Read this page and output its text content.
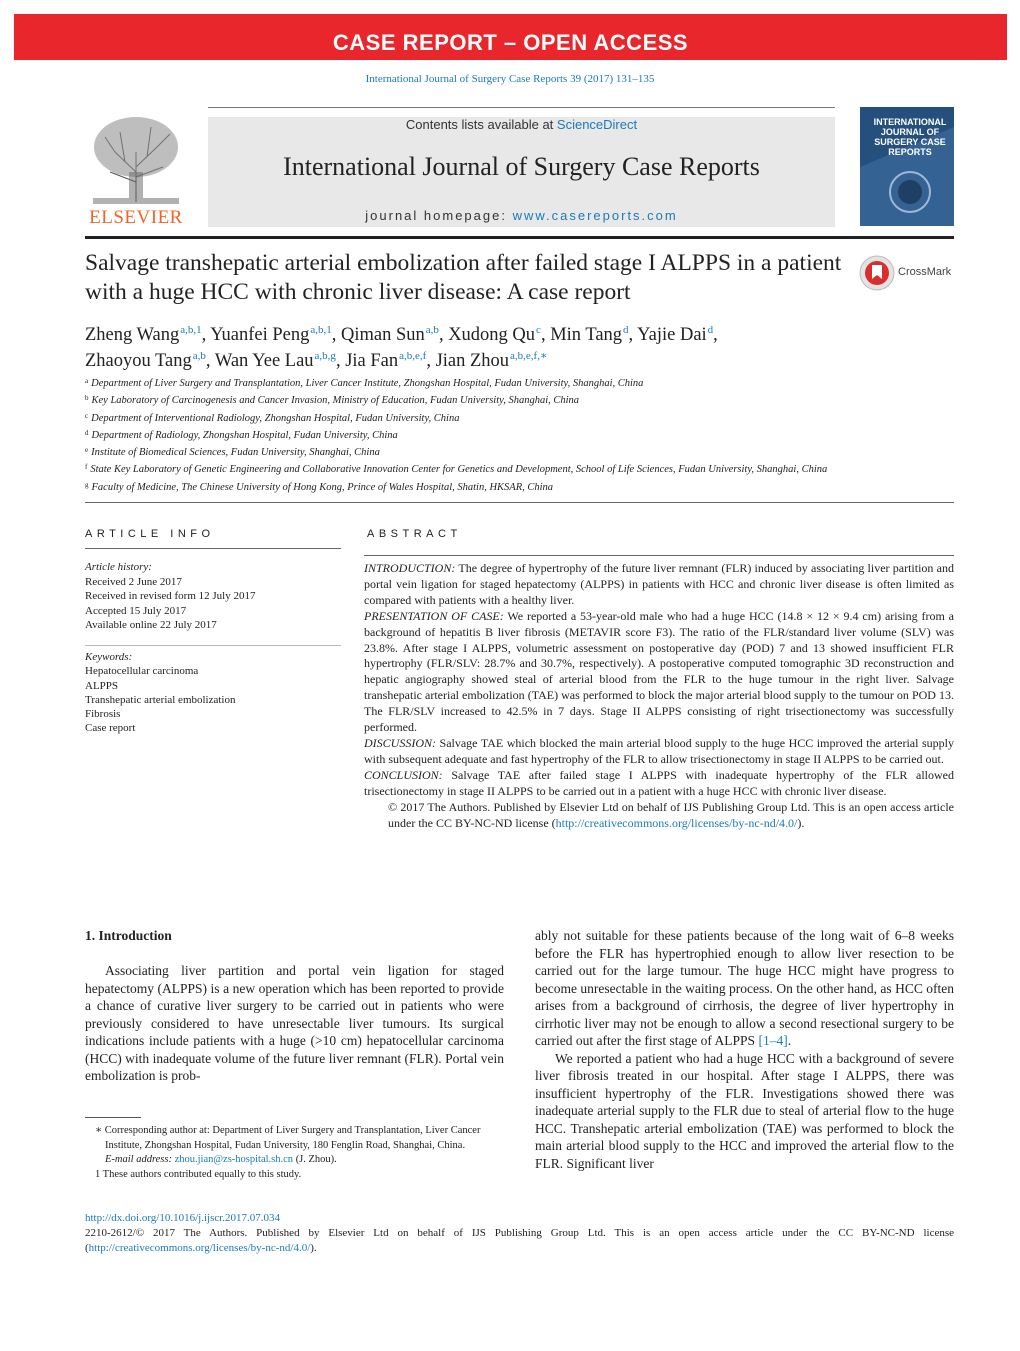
CASE REPORT – OPEN ACCESS
International Journal of Surgery Case Reports 39 (2017) 131–135
Contents lists available at ScienceDirect
International Journal of Surgery Case Reports
journal homepage: www.casereports.com
ELSEVIER
INTERNATIONAL JOURNAL OF SURGERY CASE REPORTS
Salvage transhepatic arterial embolization after failed stage I ALPPS in a patient with a huge HCC with chronic liver disease: A case report
CrossMark
Zheng Wang$^{a,b,1}$, Yuanfei Peng$^{a,b,1}$, Qiman Sun$^{a,b}$, Xudong Qu$^c$, Min Tang$^d$, Yajie Dai$^d$,
Zhaoyou Tang$^{a,b}$, Wan Yee Lau$^{a,b,g}$, Jia Fan$^{a,b,e,f}$, Jian Zhou$^{a,b,e,f,∗}$
$^a$ Department of Liver Surgery and Transplantation, Liver Cancer Institute, Zhongshan Hospital, Fudan University, Shanghai, China
$^b$ Key Laboratory of Carcinogenesis and Cancer Invasion, Ministry of Education, Fudan University, Shanghai, China
$^c$ Department of Interventional Radiology, Zhongshan Hospital, Fudan University, China
$^d$ Department of Radiology, Zhongshan Hospital, Fudan University, China
$^e$ Institute of Biomedical Sciences, Fudan University, Shanghai, China
$^f$ State Key Laboratory of Genetic Engineering and Collaborative Innovation Center for Genetics and Development, School of Life Sciences, Fudan University, Shanghai, China
$^g$ Faculty of Medicine, The Chinese University of Hong Kong, Prince of Wales Hospital, Shatin, HKSAR, China
ARTICLE INFO
Article history:
Received 2 June 2017
Received in revised form 12 July 2017
Accepted 15 July 2017
Available online 22 July 2017
Keywords:
Hepatocellular carcinoma
ALPPS
Transhepatic arterial embolization
Fibrosis
Case report
ABSTRACT

INTRODUCTION: The degree of hypertrophy of the future liver remnant (FLR) induced by associating liver partition and portal vein ligation for staged hepatectomy (ALPPS) in patients with HCC and chronic liver disease is often limited as compared with patients with a healthy liver.

PRESENTATION OF CASE: We reported a 53-year-old male who had a huge HCC (14.8 × 12 × 9.4 cm) arising from a background of hepatitis B liver fibrosis (METAVIR score F3). The ratio of the FLR/standard liver volume (SLV) was 23.8%. After stage I ALPPS, volumetric assessment on postoperative day (POD) 7 and 13 showed insufficient FLR hypertrophy (FLR/SLV: 28.7% and 30.7%, respectively). A postoperative computed tomographic 3D reconstruction and hepatic angiography showed steal of arterial blood from the FLR to the huge tumour in the right liver. Salvage transhepatic arterial embolization (TAE) was performed to block the major arterial blood supply to the tumour on POD 13. The FLR/SLV increased to 42.5% in 7 days. Stage II ALPPS consisting of right trisectionectomy was successfully performed.

DISCUSSION: Salvage TAE which blocked the main arterial blood supply to the huge HCC improved the arterial supply with subsequent adequate and fast hypertrophy of the FLR to allow trisectionectomy in stage II ALPPS to be carried out.

CONCLUSION: Salvage TAE after failed stage I ALPPS with inadequate hypertrophy of the FLR allowed trisectionectomy in stage II ALPPS to be carried out in a patient with a huge HCC with chronic liver disease.

© 2017 The Authors. Published by Elsevier Ltd on behalf of IJS Publishing Group Ltd. This is an open access article under the CC BY-NC-ND license (http://creativecommons.org/licenses/by-nc-nd/4.0/).

1. Introduction

Associating liver partition and portal vein ligation for staged hepatectomy (ALPPS) is a new operation which has been reported to provide a chance of curative liver surgery to be carried out in patients who were previously considered to have unresectable liver tumours. Its surgical indications include patients with a huge (>10 cm) hepatocellular carcinoma (HCC) with inadequate volume of the future liver remnant (FLR). Portal vein embolization is prob-

ably not suitable for these patients because of the long wait of 6–8 weeks before the FLR has hypertrophied enough to allow liver resection to be carried out for the large tumour. The huge HCC might have progress to become unresectable in the waiting process. On the other hand, as HCC often arises from a background of cirrhosis, the degree of liver hypertrophy in cirrhotic liver may not be enough to allow a second resectional surgery to be carried out after the first stage of ALPPS [1–4].

We reported a patient who had a huge HCC with a background of severe liver fibrosis treated in our hospital. After stage I ALPPS, there was insufficient hypertrophy of the FLR. Investigations showed there was inadequate arterial supply to the FLR due to steal of arterial flow to the huge HCC. Transhepatic arterial embolization (TAE) was performed to block the main arterial blood supply to the HCC and improved the arterial flow to the FLR. Significant liver

∗ Corresponding author at: Department of Liver Surgery and Transplantation, Liver Cancer Institute, Zhongshan Hospital, Fudan University, 180 Fenglin Road, Shanghai, China.
E-mail address: zhou.jian@zs-hospital.sh.cn (J. Zhou).
1 These authors contributed equally to this study.
http://dx.doi.org/10.1016/j.ijscr.2017.07.034
2210-2612/© 2017 The Authors. Published by Elsevier Ltd on behalf of IJS Publishing Group Ltd. This is an open access article under the CC BY-NC-ND license (http://creativecommons.org/licenses/by-nc-nd/4.0/).
